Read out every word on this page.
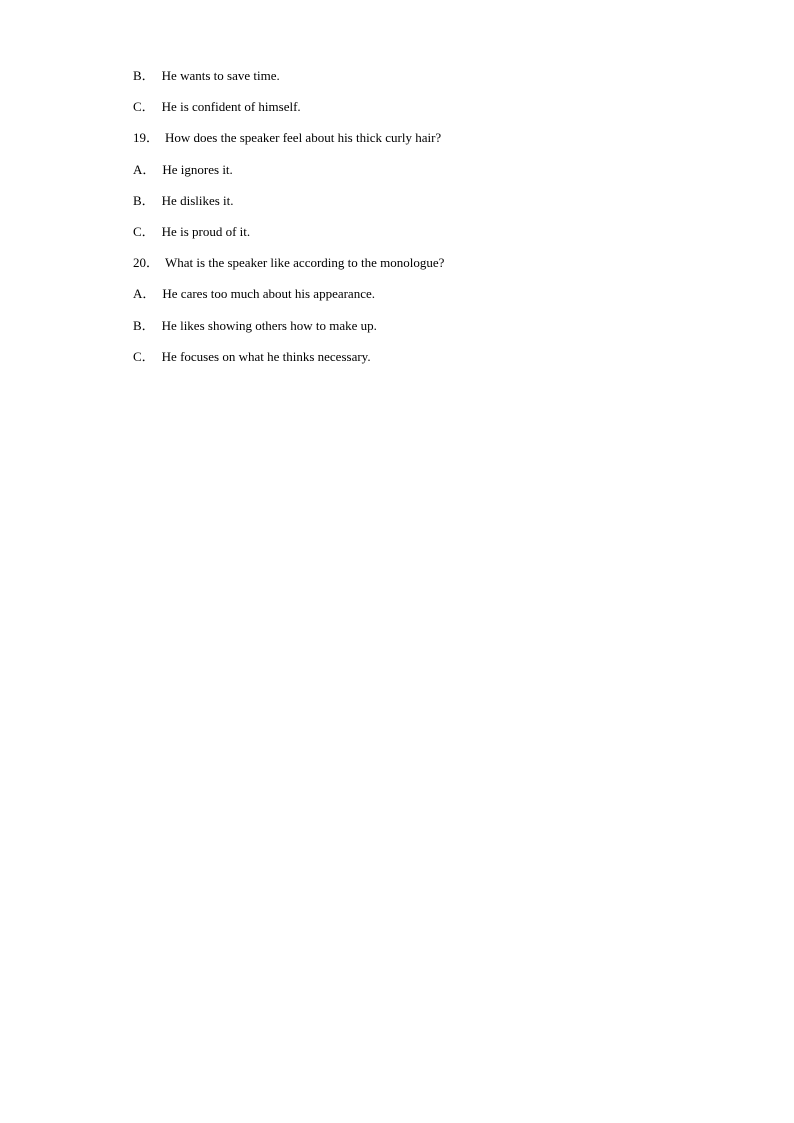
B． He wants to save time.
C． He is confident of himself.
19． How does the speaker feel about his thick curly hair?
A． He ignores it.
B． He dislikes it.
C． He is proud of it.
20． What is the speaker like according to the monologue?
A． He cares too much about his appearance.
B． He likes showing others how to make up.
C． He focuses on what he thinks necessary.
